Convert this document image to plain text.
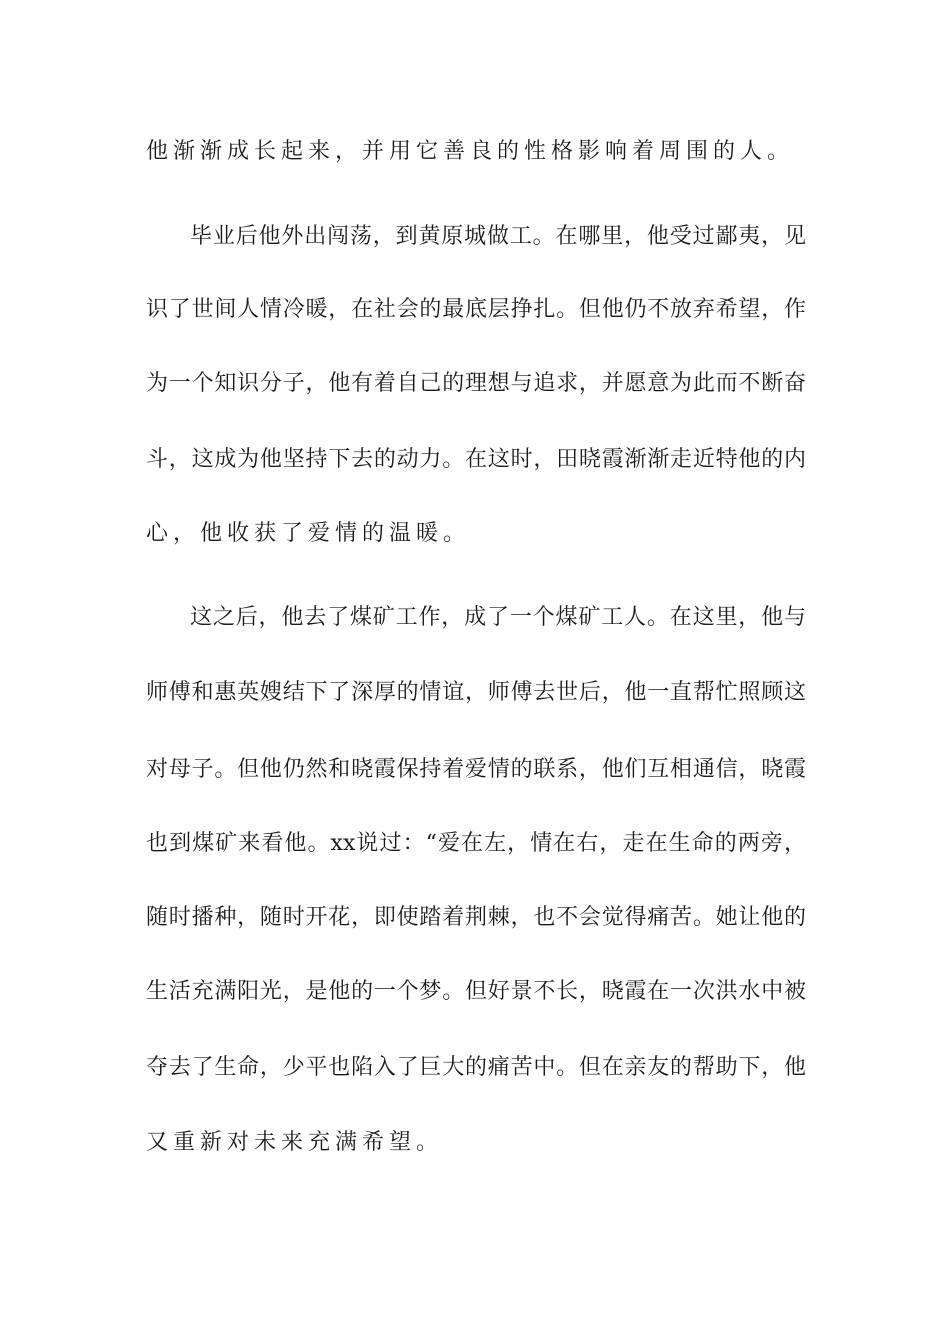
他渐渐成长起来，并用它善良的性格影响着周围的人。
毕业后他外出闯荡，到黄原城做工。在哪里，他受过鄙夷，见
识了世间人情冷暖，在社会的最底层挣扎。但他仍不放弃希望，作
为一个知识分子，他有着自己的理想与追求，并愿意为此而不断奋
斗，这成为他坚持下去的动力。在这时，田晓霞渐渐走近特他的内
心，他收获了爱情的温暖。
这之后，他去了煤矿工作，成了一个煤矿工人。在这里，他与
师傅和惠英嫂结下了深厚的情谊，师傅去世后，他一直帮忙照顾这
对母子。但他仍然和晓霞保持着爱情的联系，他们互相通信，晓霞
也到煤矿来看他。xx说过：“爱在左，情在右，走在生命的两旁，
随时播种，随时开花，即使踏着荆棘，也不会觉得痛苦。她让他的
生活充满阳光，是他的一个梦。但好景不长，晓霞在一次洪水中被
夺去了生命，少平也陷入了巨大的痛苦中。但在亲友的帮助下，他
又重新对未来充满希望。
